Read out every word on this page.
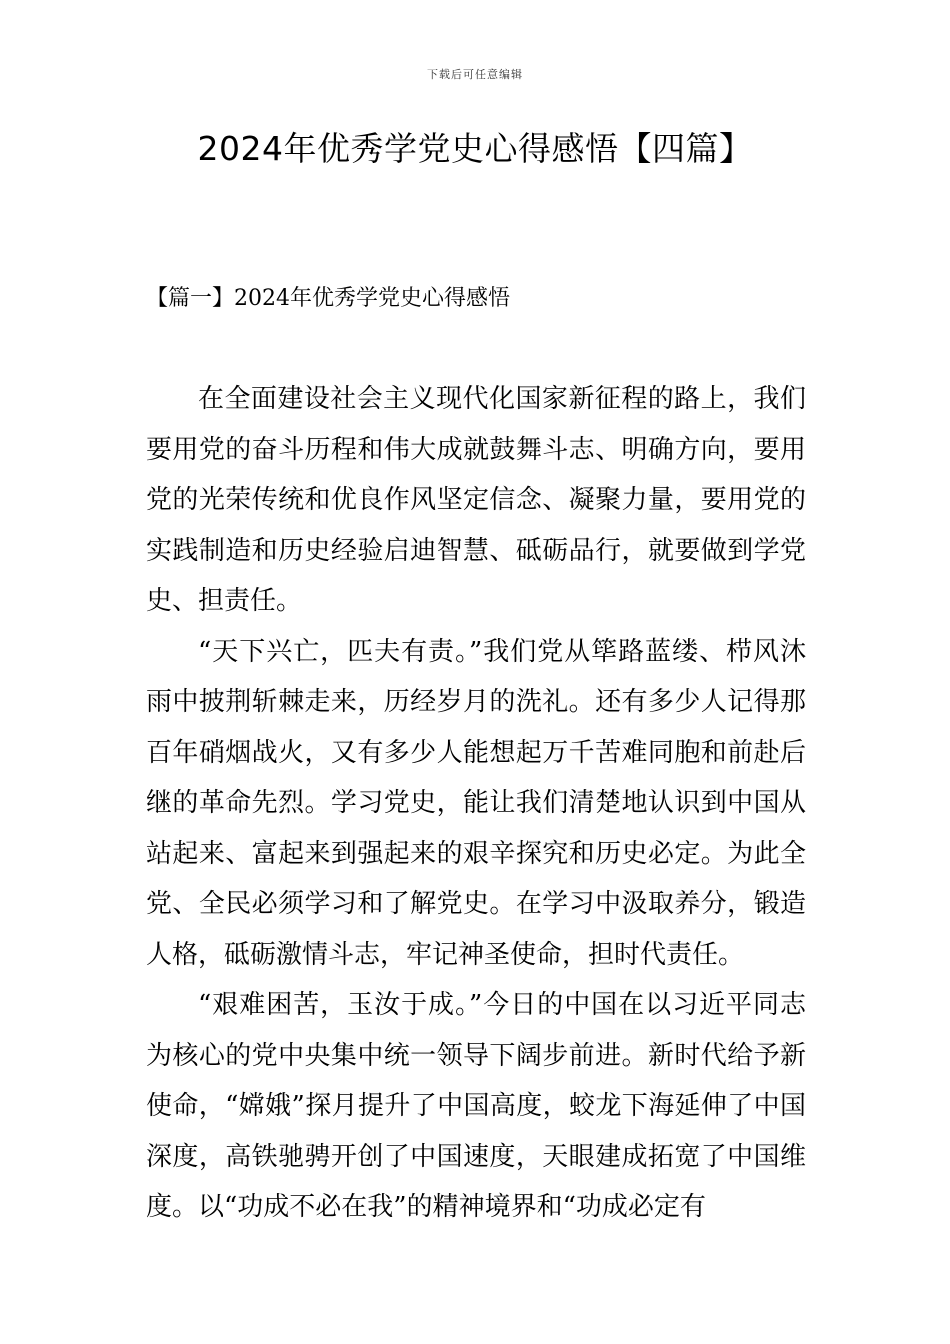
下载后可任意编辑
2024年优秀学党史心得感悟【四篇】
【篇一】2024年优秀学党史心得感悟

在全面建设社会主义现代化国家新征程的路上，我们要用党的奋斗历程和伟大成就鼓舞斗志、明确方向，要用党的光荣传统和优良作风坚定信念、凝聚力量，要用党的实践制造和历史经验启迪智慧、砥砺品行，就要做到学党史、担责任。

“天下兴亡，匹夫有责。”我们党从筚路蓝缕、栉风沐雨中披荆斩棘走来，历经岁月的洗礼。还有多少人记得那百年硝烟战火，又有多少人能想起万千苦难同胞和前赴后继的革命先烈。学习党史，能让我们清楚地认识到中国从站起来、富起来到强起来的艰辛探究和历史必定。为此全党、全民必须学习和了解党史。在学习中汲取养分，锻造人格，砥砺激情斗志，牢记神圣使命，担时代责任。

“艰难困苦，玉汝于成。”今日的中国在以习近平同志为核心的党中央集中统一领导下阔步前进。新时代给予新使命，“嫦娥”探月提升了中国高度，蛟龙下海延伸了中国深度，高铁驰骋开创了中国速度，天眼建成拓宽了中国维度。以“功成不必在我”的精神境界和“功成必定有
